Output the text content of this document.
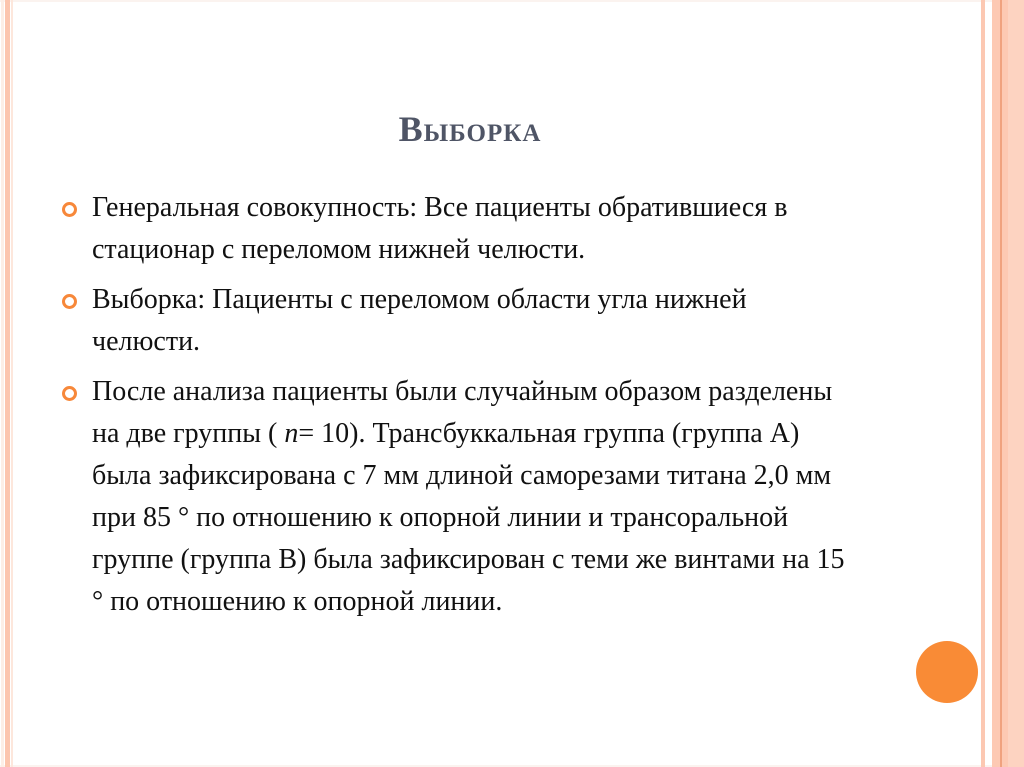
Выборка
Генеральная совокупность: Все пациенты обратившиеся в стационар с переломом нижней челюсти.
Выборка: Пациенты с переломом области угла нижней челюсти.
После анализа пациенты были случайным образом разделены на две группы ( n= 10). Трансбуккальная группа (группа А) была зафиксирована с 7 мм длиной саморезами титана 2,0 мм при 85 ° по отношению к опорной линии и трансоральной группе (группа В) была зафиксирован с теми же винтами на 15 ° по отношению к опорной линии.
